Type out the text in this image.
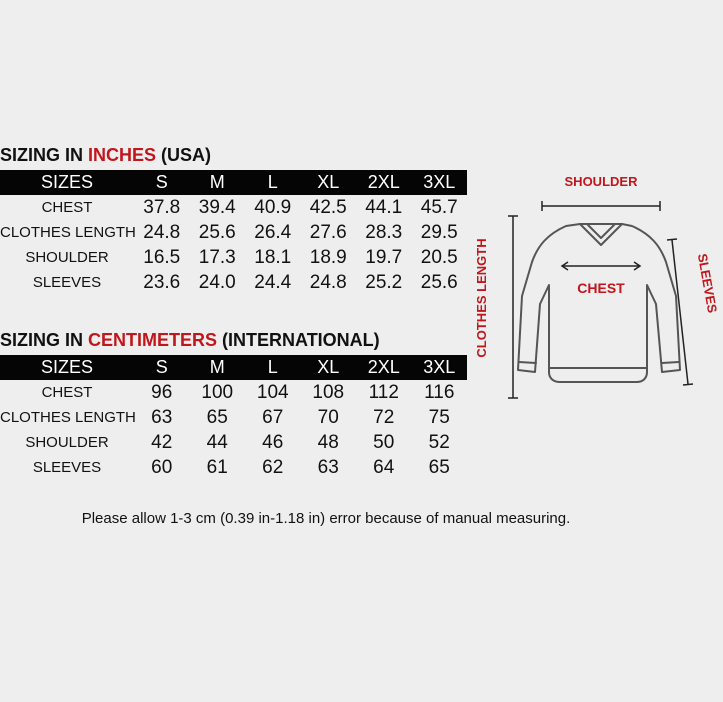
SIZING IN INCHES (USA)
SIZES	S	M	L	XL	2XL	3XL
CHEST	37.8	39.4	40.9	42.5	44.1	45.7
CLOTHES LENGTH	24.8	25.6	26.4	27.6	28.3	29.5
SHOULDER	16.5	17.3	18.1	18.9	19.7	20.5
SLEEVES	23.6	24.0	24.4	24.8	25.2	25.6
SIZING IN CENTIMETERS (INTERNATIONAL)
SIZES	S	M	L	XL	2XL	3XL
CHEST	96	100	104	108	112	116
CLOTHES LENGTH	63	65	67	70	72	75
SHOULDER	42	44	46	48	50	52
SLEEVES	60	61	62	63	64	65
SHOULDER
CHEST
CLOTHES LENGTH	SLEEVES
Please allow 1-3 cm (0.39 in-1.18 in) error because of manual measuring.
